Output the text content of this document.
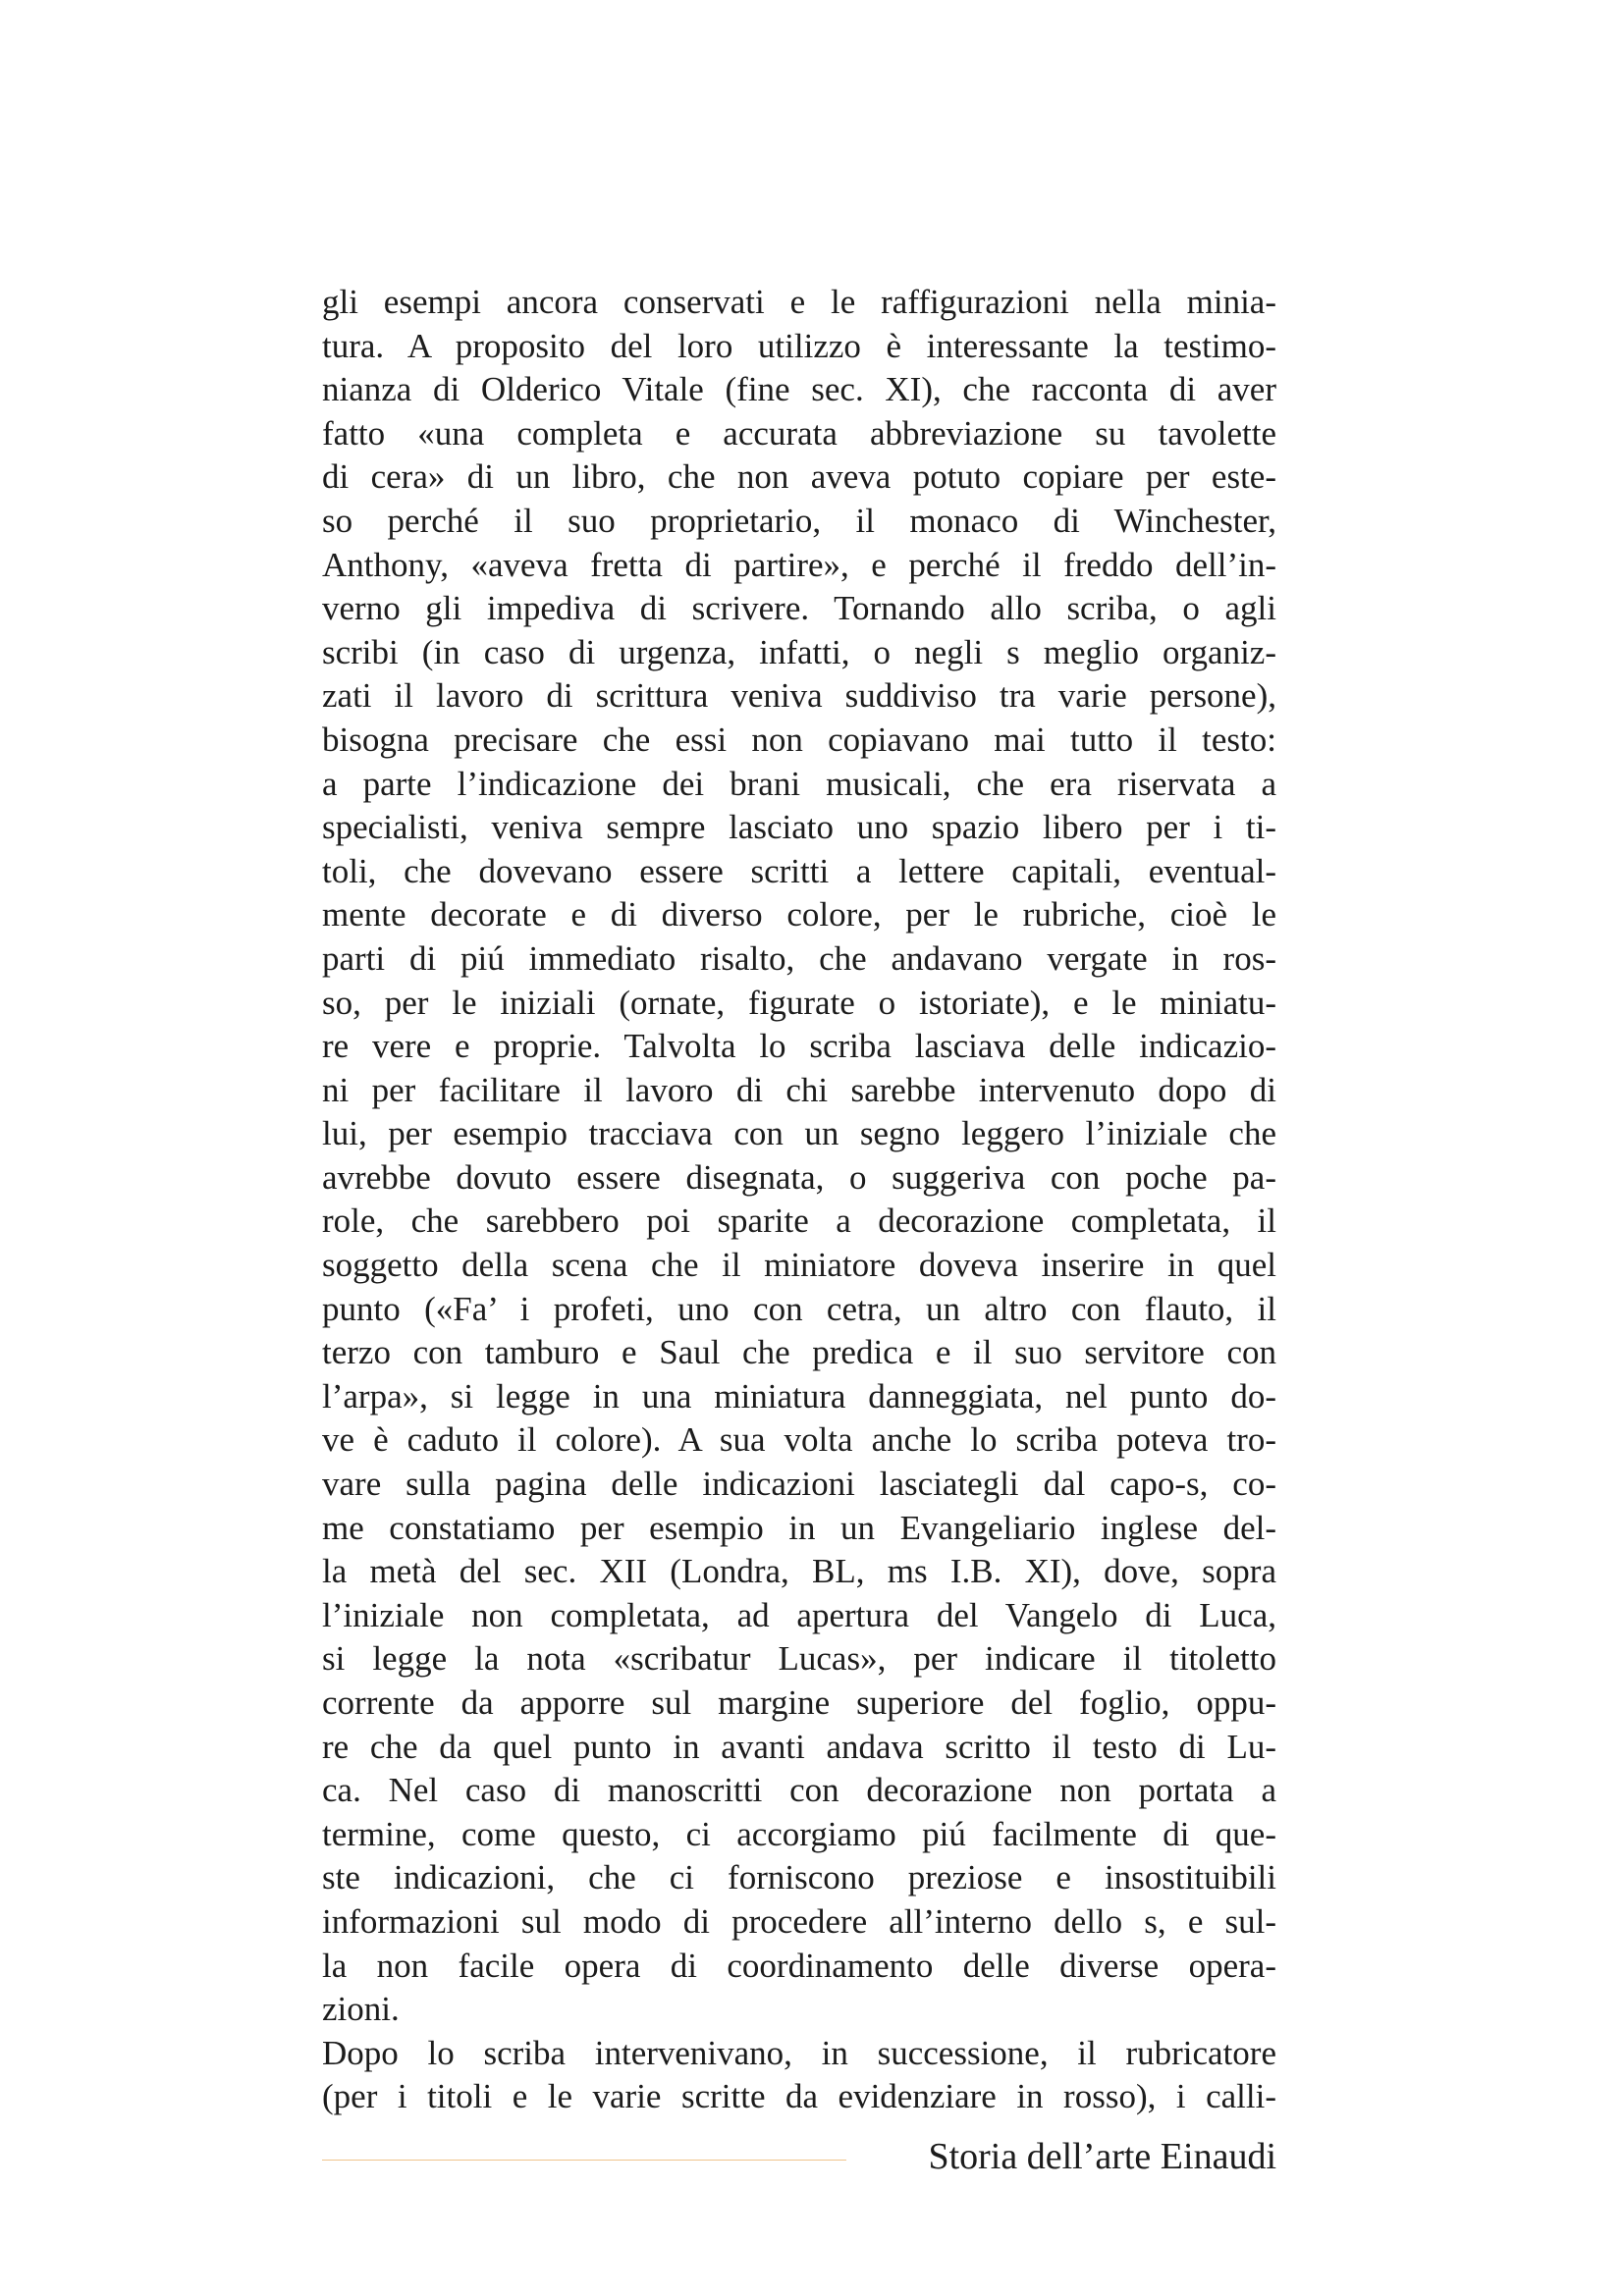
gli esempi ancora conservati e le raffigurazioni nella minia-
tura. A proposito del loro utilizzo è interessante la testimo-
nianza di Olderico Vitale (fine sec. XI), che racconta di aver
fatto «una completa e accurata abbreviazione su tavolette
di cera» di un libro, che non aveva potuto copiare per este-
so perché il suo proprietario, il monaco di Winchester,
Anthony, «aveva fretta di partire», e perché il freddo dell’in-
verno gli impediva di scrivere. Tornando allo scriba, o agli
scribi (in caso di urgenza, infatti, o negli s meglio organiz-
zati il lavoro di scrittura veniva suddiviso tra varie persone),
bisogna precisare che essi non copiavano mai tutto il testo:
a parte l’indicazione dei brani musicali, che era riservata a
specialisti, veniva sempre lasciato uno spazio libero per i ti-
toli, che dovevano essere scritti a lettere capitali, eventual-
mente decorate e di diverso colore, per le rubriche, cioè le
parti di piú immediato risalto, che andavano vergate in ros-
so, per le iniziali (ornate, figurate o istoriate), e le miniatu-
re vere e proprie. Talvolta lo scriba lasciava delle indicazio-
ni per facilitare il lavoro di chi sarebbe intervenuto dopo di
lui, per esempio tracciava con un segno leggero l’iniziale che
avrebbe dovuto essere disegnata, o suggeriva con poche pa-
role, che sarebbero poi sparite a decorazione completata, il
soggetto della scena che il miniatore doveva inserire in quel
punto («Fa’ i profeti, uno con cetra, un altro con flauto, il
terzo con tamburo e Saul che predica e il suo servitore con
l’arpa», si legge in una miniatura danneggiata, nel punto do-
ve è caduto il colore). A sua volta anche lo scriba poteva tro-
vare sulla pagina delle indicazioni lasciategli dal capo-s, co-
me constatiamo per esempio in un Evangeliario inglese del-
la metà del sec. XII (Londra, BL, ms I.B. XI), dove, sopra
l’iniziale non completata, ad apertura del Vangelo di Luca,
si legge la nota «scribatur Lucas», per indicare il titoletto
corrente da apporre sul margine superiore del foglio, oppu-
re che da quel punto in avanti andava scritto il testo di Lu-
ca. Nel caso di manoscritti con decorazione non portata a
termine, come questo, ci accorgiamo piú facilmente di que-
ste indicazioni, che ci forniscono preziose e insostituibili
informazioni sul modo di procedere all’interno dello s, e sul-
la non facile opera di coordinamento delle diverse opera-
zioni.
Dopo lo scriba intervenivano, in successione, il rubricatore
(per i titoli e le varie scritte da evidenziare in rosso), i calli-
Storia dell’arte Einaudi
